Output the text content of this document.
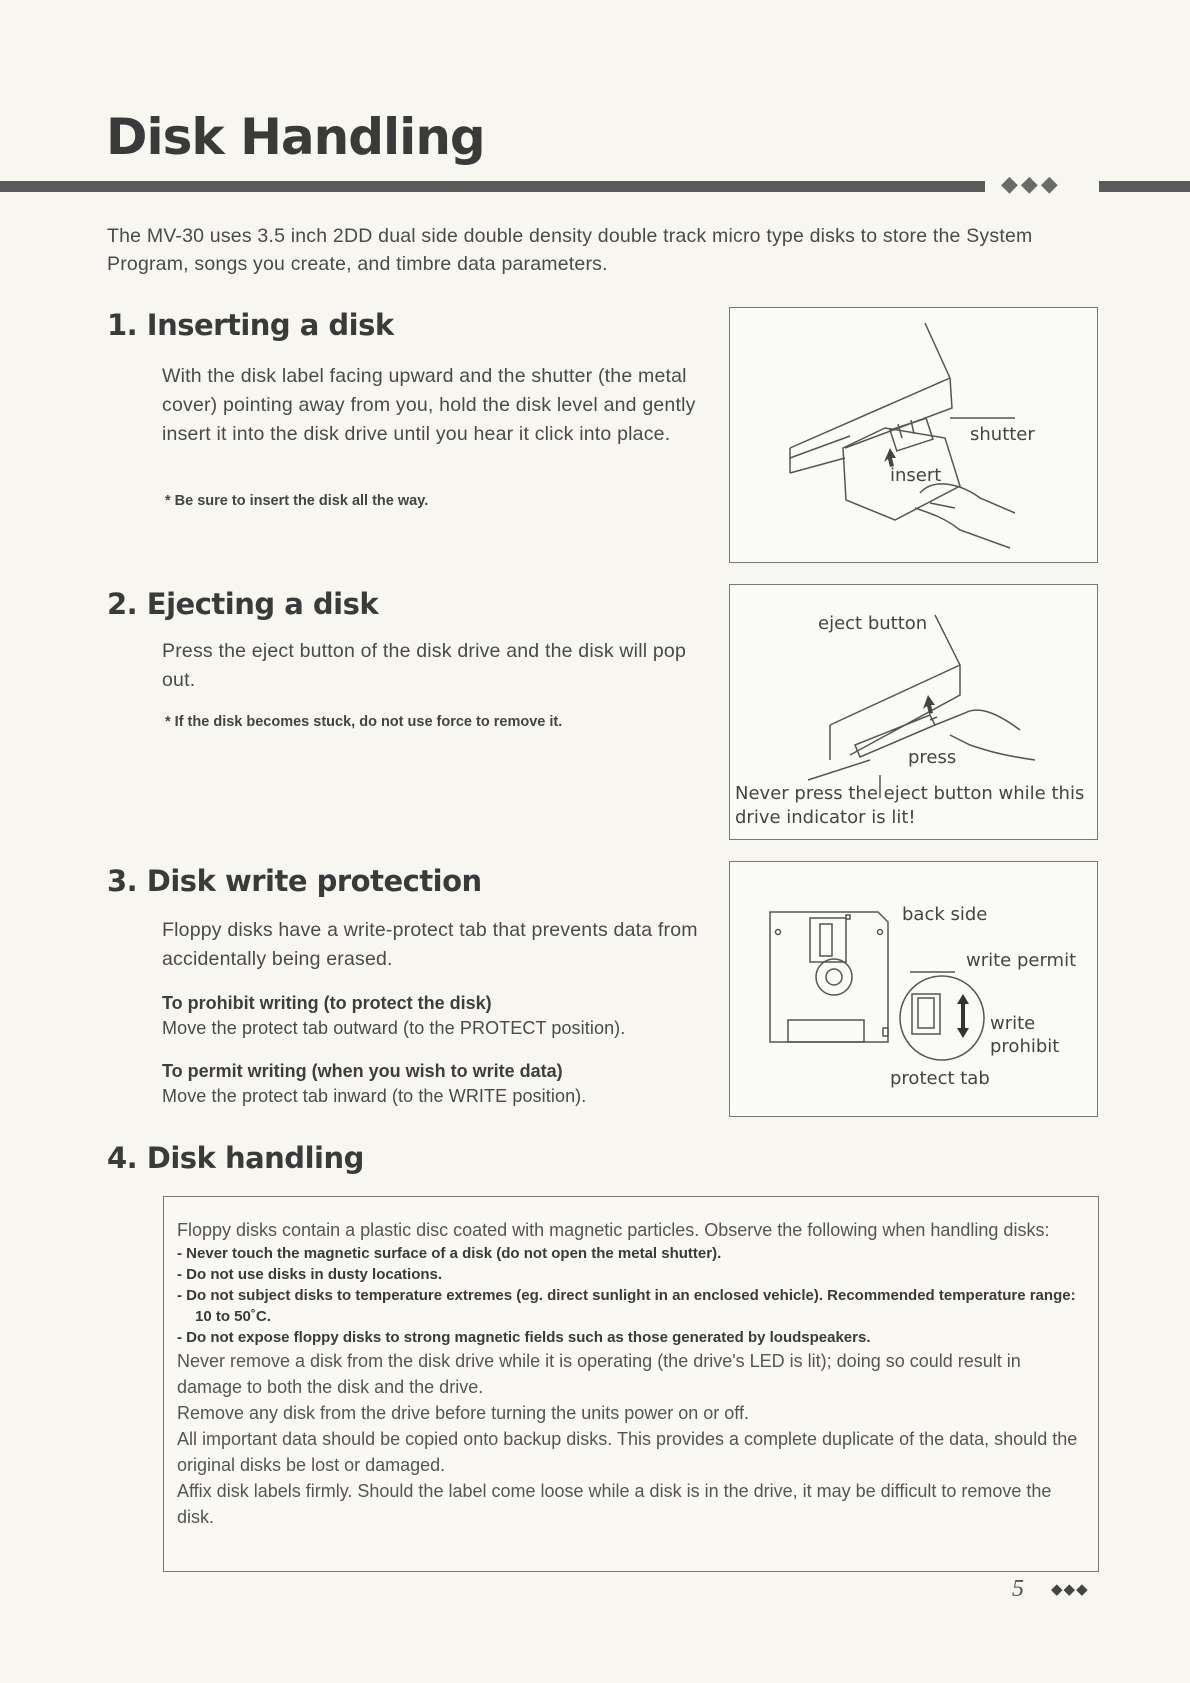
Disk Handling
◆◆◆

The MV-30 uses 3.5 inch 2DD dual side double density double track micro type disks to store the System Program, songs you create, and timbre data parameters.

1. Inserting a disk

With the disk label facing upward and the shutter (the metal cover) pointing away from you, hold the disk level and gently insert it into the disk drive until you hear it click into place.

* Be sure to insert the disk all the way.

shutter
insert
2. Ejecting a disk

Press the eject button of the disk drive and the disk will pop out.

* If the disk becomes stuck, do not use force to remove it.

eject button
press

Never press the eject button while this drive indicator is lit!

3. Disk write protection

Floppy disks have a write-protect tab that prevents data from accidentally being erased.

To prohibit writing (to protect the disk)

Move the protect tab outward (to the PROTECT position).

To permit writing (when you wish to write data)

Move the protect tab inward (to the WRITE position).

back side
write permit
write
prohibit
protect tab
4. Disk handling

Floppy disks contain a plastic disc coated with magnetic particles. Observe the following when handling disks:

- Never touch the magnetic surface of a disk (do not open the metal shutter).
- Do not use disks in dusty locations.
- Do not subject disks to temperature extremes (eg. direct sunlight in an enclosed vehicle). Recommended temperature range: 10 to 50˚C.
- Do not expose floppy disks to strong magnetic fields such as those generated by loudspeakers.

Never remove a disk from the disk drive while it is operating (the drive's LED is lit); doing so could result in damage to both the disk and the drive.

Remove any disk from the drive before turning the units power on or off.

All important data should be copied onto backup disks. This provides a complete duplicate of the data, should the original disks be lost or damaged.

Affix disk labels firmly. Should the label come loose while a disk is in the drive, it may be difficult to remove the disk.

5 ◆◆◆
